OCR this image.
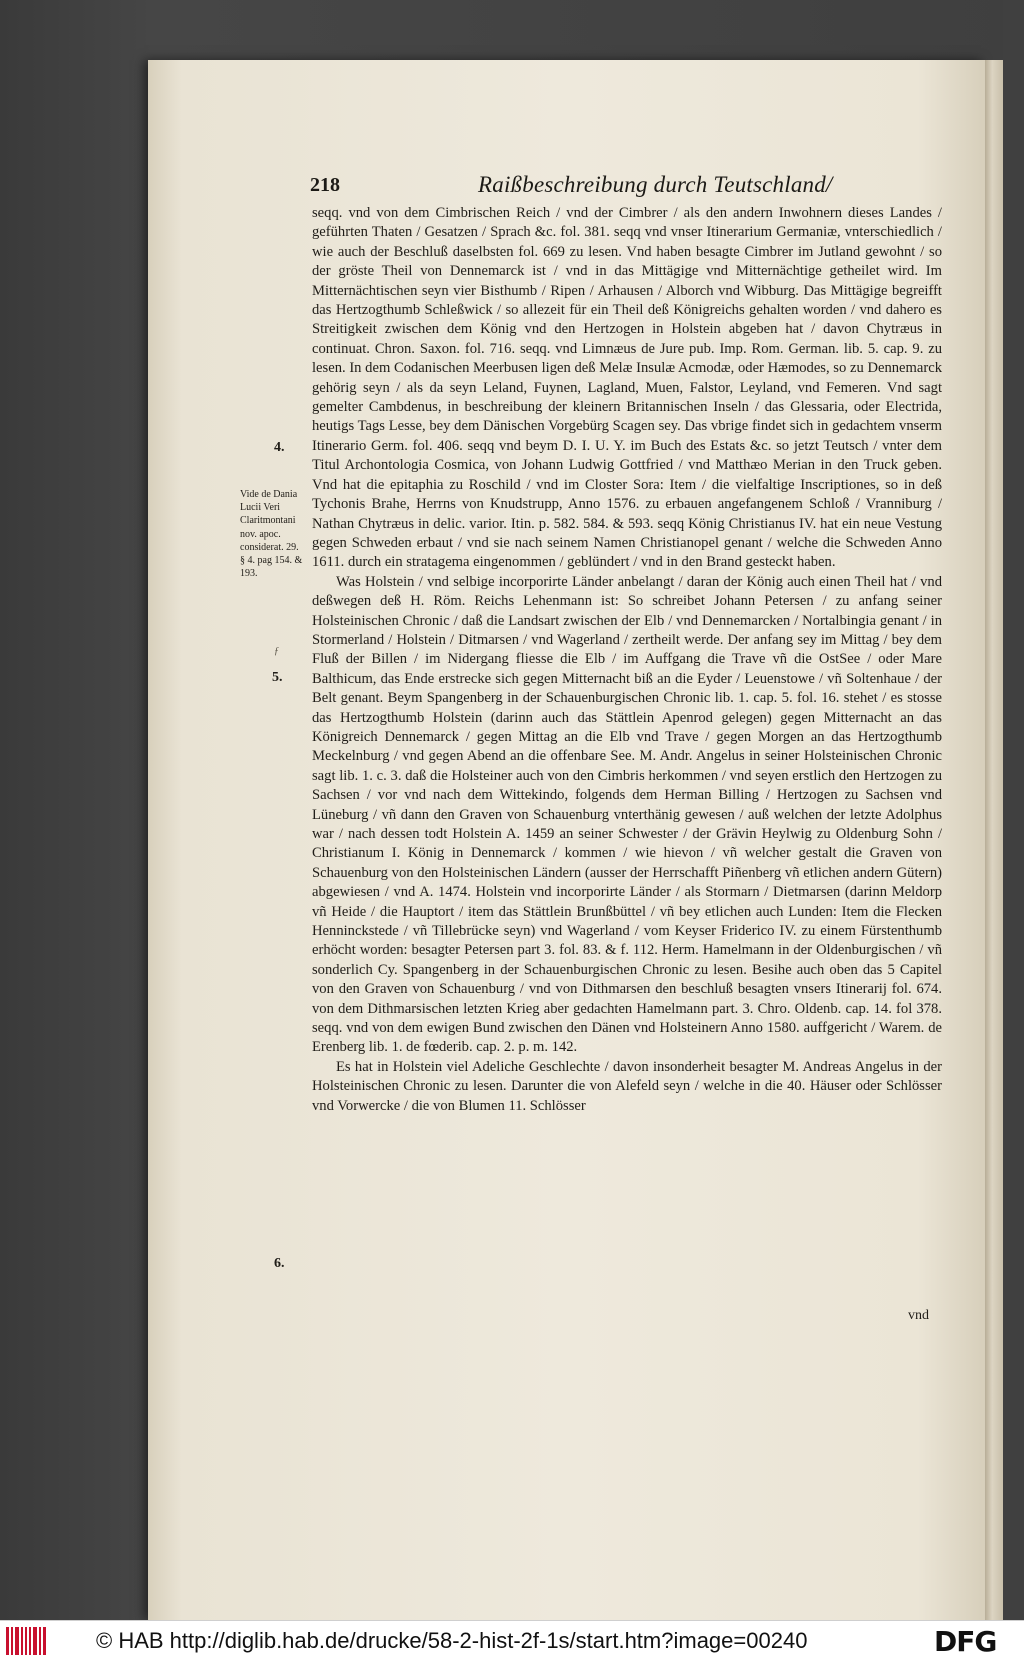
218	Raißbeschreibung durch Teutschland/
4.
5.
6.
Vide de Dania Lucii Veri Claritmontani nov. apoc. considerat. 29. § 4. pag 154. & 193.
ƒ

seqq. vnd von dem Cimbrischen Reich / vnd der Cimbrer / als den andern Inwohnern dieses Landes / geführten Thaten / Gesatzen / Sprach &c. fol. 381. seqq vnd vnser Itinerarium Germaniæ, vnterschiedlich / wie auch der Beschluß daselbsten fol. 669 zu lesen. Vnd haben besagte Cimbrer im Jutland gewohnt / so der gröste Theil von Dennemarck ist / vnd in das Mittägige vnd Mitternächtige getheilet wird. Im Mitternächtischen seyn vier Bisthumb / Ripen / Arhausen / Alborch vnd Wibburg. Das Mittägige begreifft das Hertzogthumb Schleßwick / so allezeit für ein Theil deß Königreichs gehalten worden / vnd dahero es Streitigkeit zwischen dem König vnd den Hertzogen in Holstein abgeben hat / davon Chytræus in continuat. Chron. Saxon. fol. 716. seqq. vnd Limnæus de Jure pub. Imp. Rom. German. lib. 5. cap. 9. zu lesen. In dem Codanischen Meerbusen ligen deß Melæ Insulæ Acmodæ, oder Hæmodes, so zu Dennemarck gehörig seyn / als da seyn Leland, Fuynen, Lagland, Muen, Falstor, Leyland, vnd Femeren. Vnd sagt gemelter Cambdenus, in beschreibung der kleinern Britannischen Inseln / das Glessaria, oder Electrida, heutigs Tags Lesse, bey dem Dänischen Vorgebürg Scagen sey. Das vbrige findet sich in gedachtem vnserm Itinerario Germ. fol. 406. seqq vnd beym D. I. U. Y. im Buch des Estats &c. so jetzt Teutsch / vnter dem Titul Archontologia Cosmica, von Johann Ludwig Gottfried / vnd Matthæo Merian in den Truck geben. Vnd hat die epitaphia zu Roschild / vnd im Closter Sora: Item / die vielfaltige Inscriptiones, so in deß Tychonis Brahe, Herrns von Knudstrupp, Anno 1576. zu erbauen angefangenem Schloß / Vranniburg / Nathan Chytræus in delic. varior. Itin. p. 582. 584. & 593. seqq König Christianus IV. hat ein neue Vestung gegen Schweden erbaut / vnd sie nach seinem Namen Christianopel genant / welche die Schweden Anno 1611. durch ein stratagema eingenommen / geblündert / vnd in den Brand gesteckt haben.

Was Holstein / vnd selbige incorporirte Länder anbelangt / daran der König auch einen Theil hat / vnd deßwegen deß H. Röm. Reichs Lehenmann ist: So schreibet Johann Petersen / zu anfang seiner Holsteinischen Chronic / daß die Landsart zwischen der Elb / vnd Dennemarcken / Nortalbingia genant / in Stormerland / Holstein / Ditmarsen / vnd Wagerland / zertheilt werde. Der anfang sey im Mittag / bey dem Fluß der Billen / im Nidergang fliesse die Elb / im Auffgang die Trave vñ die OstSee / oder Mare Balthicum, das Ende erstrecke sich gegen Mitternacht biß an die Eyder / Leuenstowe / vñ Soltenhaue / der Belt genant. Beym Spangenberg in der Schauenburgischen Chronic lib. 1. cap. 5. fol. 16. stehet / es stosse das Hertzogthumb Holstein (darinn auch das Stättlein Apenrod gelegen) gegen Mitternacht an das Königreich Dennemarck / gegen Mittag an die Elb vnd Trave / gegen Morgen an das Hertzogthumb Meckelnburg / vnd gegen Abend an die offenbare See. M. Andr. Angelus in seiner Holsteinischen Chronic sagt lib. 1. c. 3. daß die Holsteiner auch von den Cimbris herkommen / vnd seyen erstlich den Hertzogen zu Sachsen / vor vnd nach dem Wittekindo, folgends dem Herman Billing / Hertzogen zu Sachsen vnd Lüneburg / vñ dann den Graven von Schauenburg vnterthänig gewesen / auß welchen der letzte Adolphus war / nach dessen todt Holstein A. 1459 an seiner Schwester / der Grävin Heylwig zu Oldenburg Sohn / Christianum I. König in Dennemarck / kommen / wie hievon / vñ welcher gestalt die Graven von Schauenburg von den Holsteinischen Ländern (ausser der Herrschafft Piñenberg vñ etlichen andern Gütern) abgewiesen / vnd A. 1474. Holstein vnd incorporirte Länder / als Stormarn / Dietmarsen (darinn Meldorp vñ Heide / die Hauptort / item das Stättlein Brunßbüttel / vñ bey etlichen auch Lunden: Item die Flecken Henninckstede / vñ Tillebrücke seyn) vnd Wagerland / vom Keyser Friderico IV. zu einem Fürstenthumb erhöcht worden: besagter Petersen part 3. fol. 83. & f. 112. Herm. Hamelmann in der Oldenburgischen / vñ sonderlich Cy. Spangenberg in der Schauenburgischen Chronic zu lesen. Besihe auch oben das 5 Capitel von den Graven von Schauenburg / vnd von Dithmarsen den beschluß besagten vnsers Itinerarij fol. 674. von dem Dithmarsischen letzten Krieg aber gedachten Hamelmann part. 3. Chro. Oldenb. cap. 14. fol 378. seqq. vnd von dem ewigen Bund zwischen den Dänen vnd Holsteinern Anno 1580. auffgericht / Warem. de Erenberg lib. 1. de fœderib. cap. 2. p. m. 142.

Es hat in Holstein viel Adeliche Geschlechte / davon insonderheit besagter M. Andreas Angelus in der Holsteinischen Chronic zu lesen. Darunter die von Alefeld seyn / welche in die 40. Häuser oder Schlösser vnd Vorwercke / die von Blumen 11. Schlösser

vnd
© HAB http://diglib.hab.de/drucke/58-2-hist-2f-1s/start.htm?image=00240	DFG
